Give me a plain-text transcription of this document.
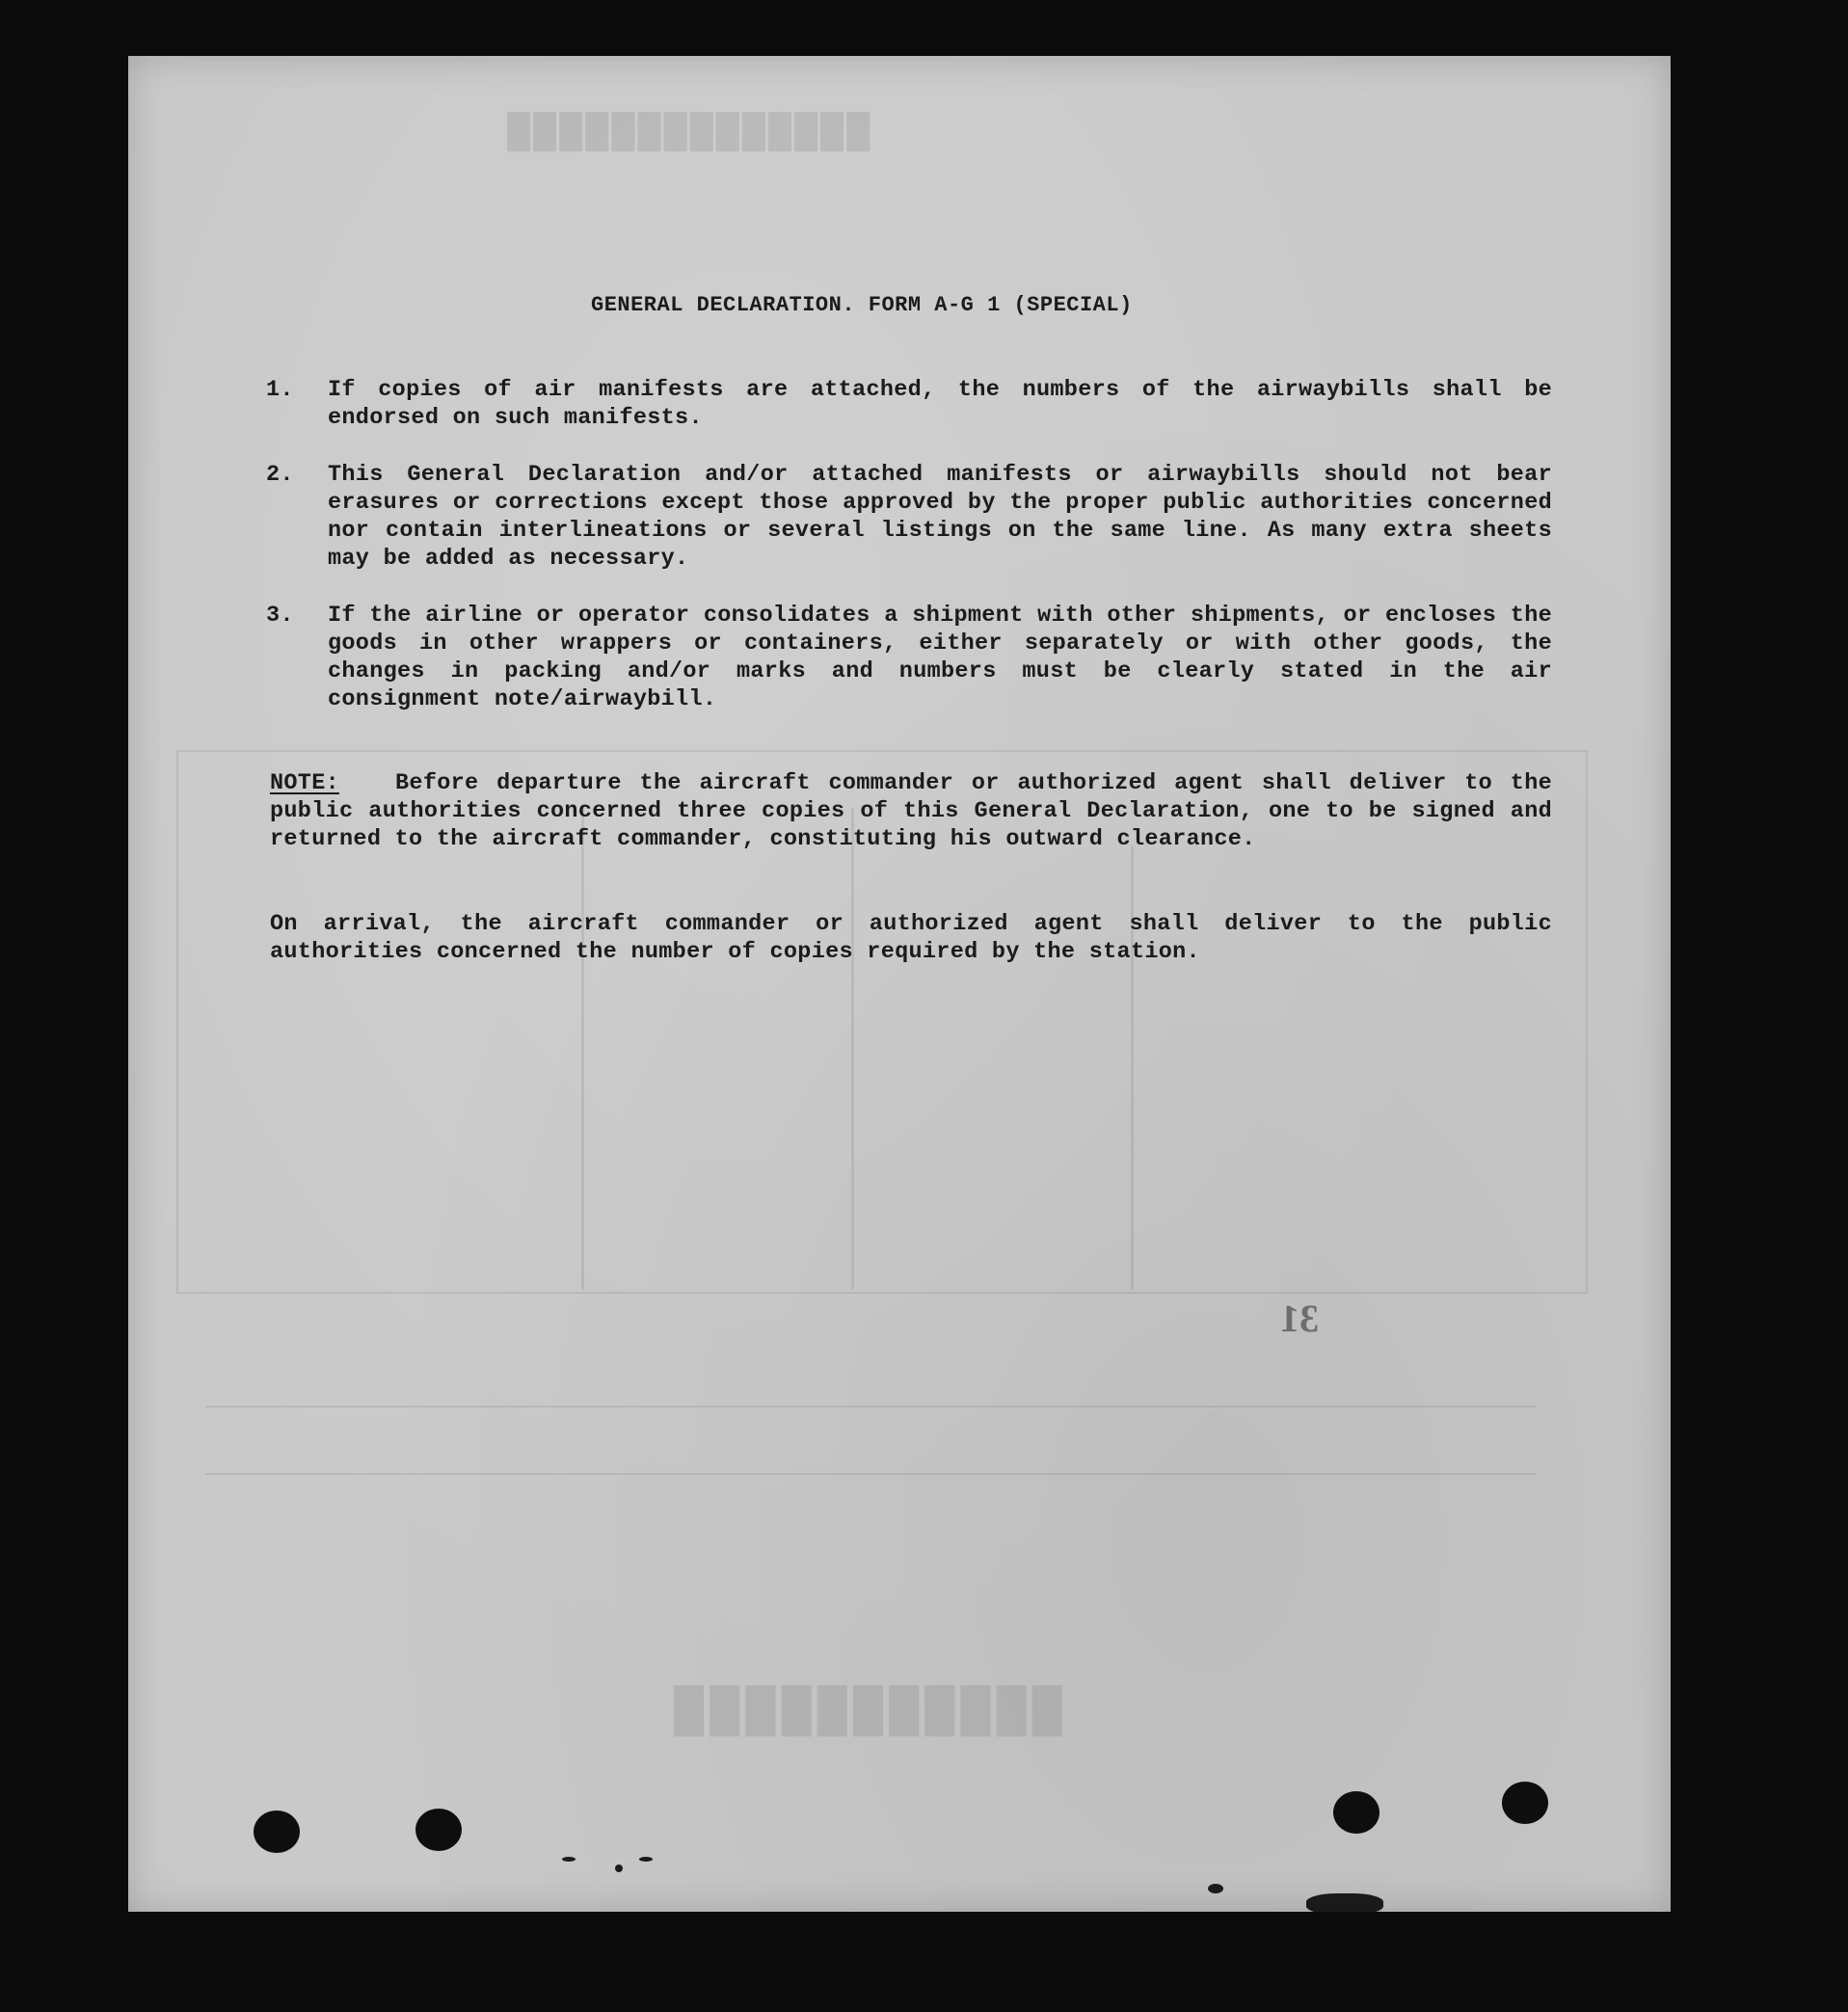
██████████████
███████████
GENERAL DECLARATION. FORM A-G 1 (SPECIAL)
1.	If copies of air manifests are attached, the numbers of the airwaybills shall be endorsed on such manifests.
2.	This General Declaration and/or attached manifests or airwaybills should not bear erasures or corrections except those approved by the proper public authorities concerned nor contain interlineations or several listings on the same line. As many extra sheets may be added as necessary.
3.	If the airline or operator consolidates a shipment with other shipments, or encloses the goods in other wrappers or containers, either separately or with other goods, the changes in packing and/or marks and numbers must be clearly stated in the air consignment note/airwaybill.
NOTE: Before departure the aircraft commander or authorized agent shall deliver to the public authorities concerned three copies of this General Declaration, one to be signed and returned to the aircraft commander, constituting his outward clearance.
On arrival, the aircraft commander or authorized agent shall deliver to the public authorities concerned the number of copies required by the station.
31
